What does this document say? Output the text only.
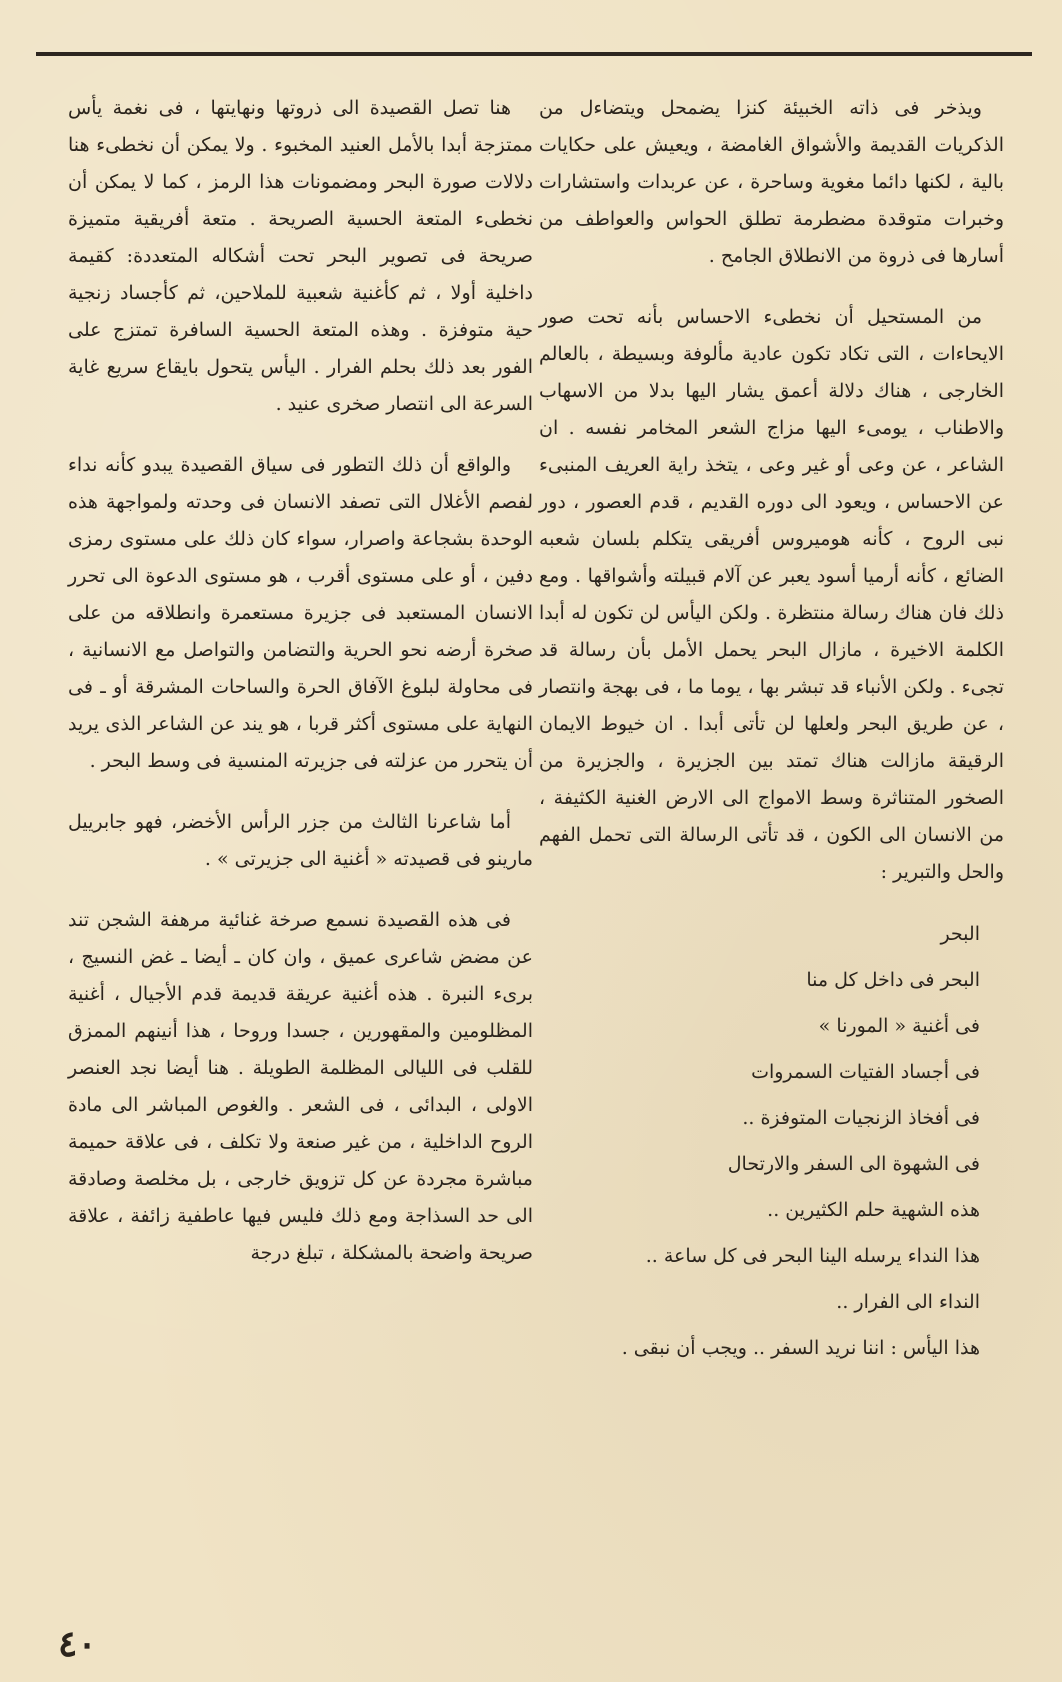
ويذخر فى ذاته الخبيئة كنزا يضمحل ويتضاءل من الذكريات القديمة والأشواق الغامضة ، ويعيش على حكايات بالية ، لكنها دائما مغوية وساحرة ، عن عربدات واستشارات وخبرات متوقدة مضطرمة تطلق الحواس والعواطف من أسارها فى ذروة من الانطلاق الجامح .

من المستحيل أن نخطىء الاحساس بأنه تحت صور الايحاءات ، التى تكاد تكون عادية مألوفة وبسيطة ، بالعالم الخارجى ، هناك دلالة أعمق يشار اليها بدلا من الاسهاب والاطناب ، يومىء اليها مزاج الشعر المخامر نفسه . ان الشاعر ، عن وعى أو غير وعى ، يتخذ راية العريف المنبىء عن الاحساس ، ويعود الى دوره القديم ، قدم العصور ، دور نبى الروح ، كأنه هوميروس أفريقى يتكلم بلسان شعبه الضائع ، كأنه أرميا أسود يعبر عن آلام قبيلته وأشواقها . ومع ذلك فان هناك رسالة منتظرة . ولكن اليأس لن تكون له أبدا الكلمة الاخيرة ، مازال البحر يحمل الأمل بأن رسالة قد تجىء . ولكن الأنباء قد تبشر بها ، يوما ما ، فى بهجة وانتصار ، عن طريق البحر ولعلها لن تأتى أبدا . ان خيوط الايمان الرقيقة مازالت هناك تمتد بين الجزيرة ، والجزيرة من الصخور المتناثرة وسط الامواج الى الارض الغنية الكثيفة ، من الانسان الى الكون ، قد تأتى الرسالة التى تحمل الفهم والحل والتبرير :

البحر

البحر فى داخل كل منا

فى أغنية « المورنا »

فى أجساد الفتيات السمروات

فى أفخاذ الزنجيات المتوفزة ..

فى الشهوة الى السفر والارتحال

هذه الشهية حلم الكثيرين ..

هذا النداء يرسله الينا البحر فى كل ساعة ..

النداء الى الفرار ..

هذا اليأس : اننا نريد السفر .. ويجب أن نبقى .

هنا تصل القصيدة الى ذروتها ونهايتها ، فى نغمة يأس ممتزجة أبدا بالأمل العنيد المخبوء . ولا يمكن أن نخطىء هنا دلالات صورة البحر ومضمونات هذا الرمز ، كما لا يمكن أن نخطىء المتعة الحسية الصريحة . متعة أفريقية متميزة صريحة فى تصوير البحر تحت أشكاله المتعددة: كقيمة داخلية أولا ، ثم كأغنية شعبية للملاحين، ثم كأجساد زنجية حية متوفزة . وهذه المتعة الحسية السافرة تمتزج على الفور بعد ذلك بحلم الفرار . اليأس يتحول بايقاع سريع غاية السرعة الى انتصار صخرى عنيد .

والواقع أن ذلك التطور فى سياق القصيدة يبدو كأنه نداء لفصم الأغلال التى تصفد الانسان فى وحدته ولمواجهة هذه الوحدة بشجاعة واصرار، سواء كان ذلك على مستوى رمزى دفين ، أو على مستوى أقرب ، هو مستوى الدعوة الى تحرر الانسان المستعبد فى جزيرة مستعمرة وانطلاقه من على صخرة أرضه نحو الحرية والتضامن والتواصل مع الانسانية ، فى محاولة لبلوغ الآفاق الحرة والساحات المشرقة أو ـ فى النهاية على مستوى أكثر قربا ، هو يند عن الشاعر الذى يريد أن يتحرر من عزلته فى جزيرته المنسية فى وسط البحر .

أما شاعرنا الثالث من جزر الرأس الأخضر، فهو جابرييل مارينو فى قصيدته « أغنية الى جزيرتى » .

فى هذه القصيدة نسمع صرخة غنائية مرهفة الشجن تند عن مضض شاعرى عميق ، وان كان ـ أيضا ـ غض النسيج ، برىء النبرة . هذه أغنية عريقة قديمة قدم الأجيال ، أغنية المظلومين والمقهورين ، جسدا وروحا ، هذا أنينهم الممزق للقلب فى الليالى المظلمة الطويلة . هنا أيضا نجد العنصر الاولى ، البدائى ، فى الشعر . والغوص المباشر الى مادة الروح الداخلية ، من غير صنعة ولا تكلف ، فى علاقة حميمة مباشرة مجردة عن كل تزويق خارجى ، بل مخلصة وصادقة الى حد السذاجة ومع ذلك فليس فيها عاطفية زائفة ، علاقة صريحة واضحة بالمشكلة ، تبلغ درجة

٤٠
